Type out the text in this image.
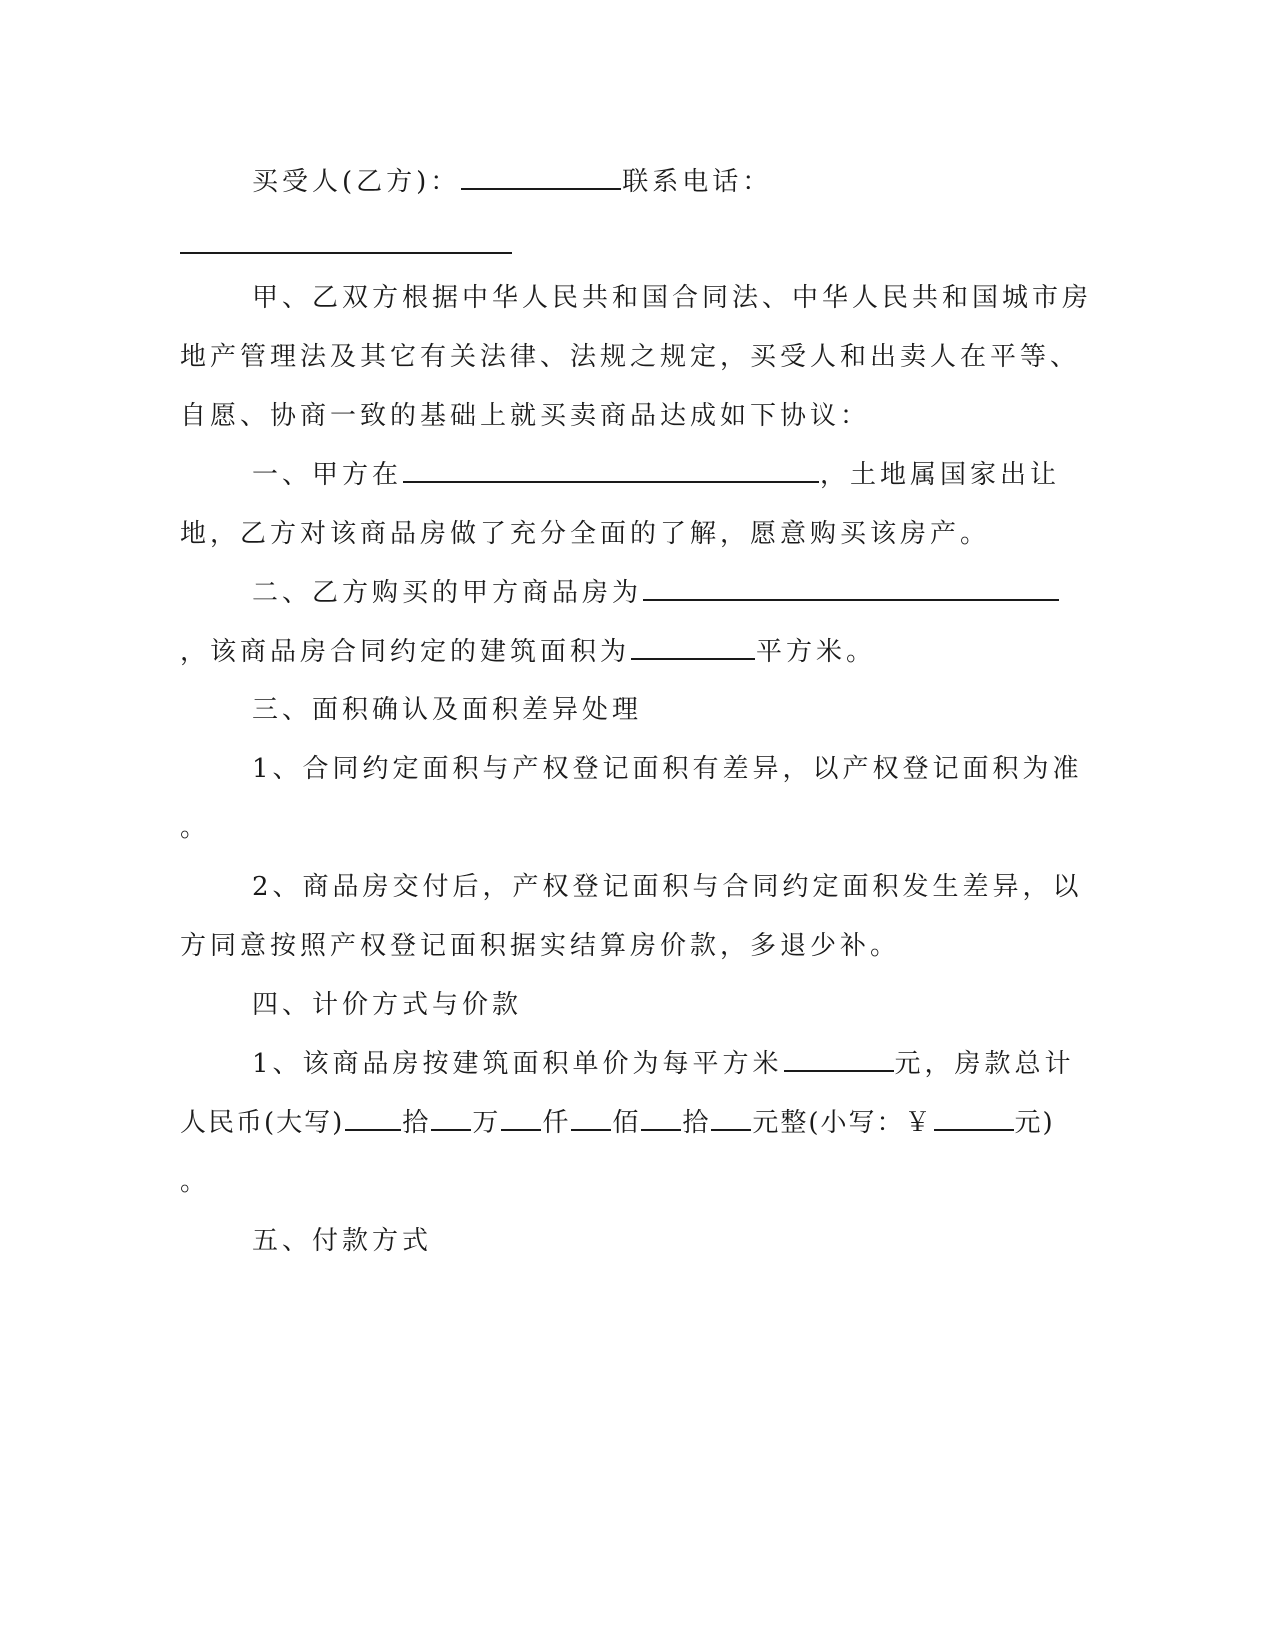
买受人(乙方)：	联系电话：
甲、乙双方根据中华人民共和国合同法、中华人民共和国城市房
地产管理法及其它有关法律、法规之规定，买受人和出卖人在平等、
自愿、协商一致的基础上就买卖商品达成如下协议：
一、甲方在	，土地属国家出让
地，乙方对该商品房做了充分全面的了解，愿意购买该房产。
二、乙方购买的甲方商品房为
，该商品房合同约定的建筑面积为	平方米。
三、面积确认及面积差异处理
1、合同约定面积与产权登记面积有差异，以产权登记面积为准
。
2、商品房交付后，产权登记面积与合同约定面积发生差异，以
方同意按照产权登记面积据实结算房价款，多退少补。
四、计价方式与价款
1、该商品房按建筑面积单价为每平方米	元，房款总计
人民币(大写) 拾 万 仟 佰 拾 元整(小写：￥	元)
。
五、付款方式
